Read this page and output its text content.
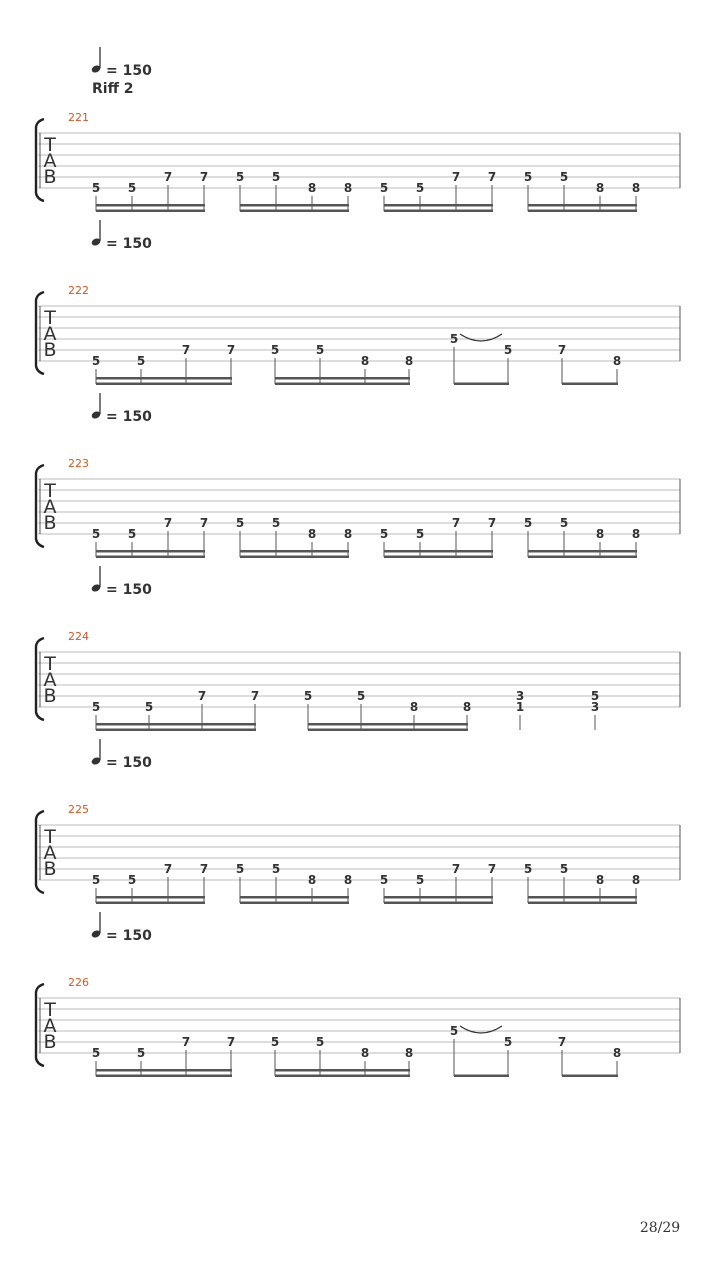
= 150
Riff 2
221
T
A
B	5 5
7 7 5 5
8 8 5 5
7 7 5 5
8 8
= 150
222
T
A
B	5	5
7	7	5	5
8	8
5
5	7
8
= 150
223
T
A
B	5 5
7 7 5 5
8 8 5 5
7 7 5 5
8 8
= 150
224
T
A
B	5	5
7	7	5	5
8	8
3
1
5
3
= 150
225
T
A
B	5 5
7 7 5 5
8 8 5 5
7 7 5 5
8 8
= 150
226
T
A
B	5	5
7	7	5	5
8	8
5
5	7
8
28/29
